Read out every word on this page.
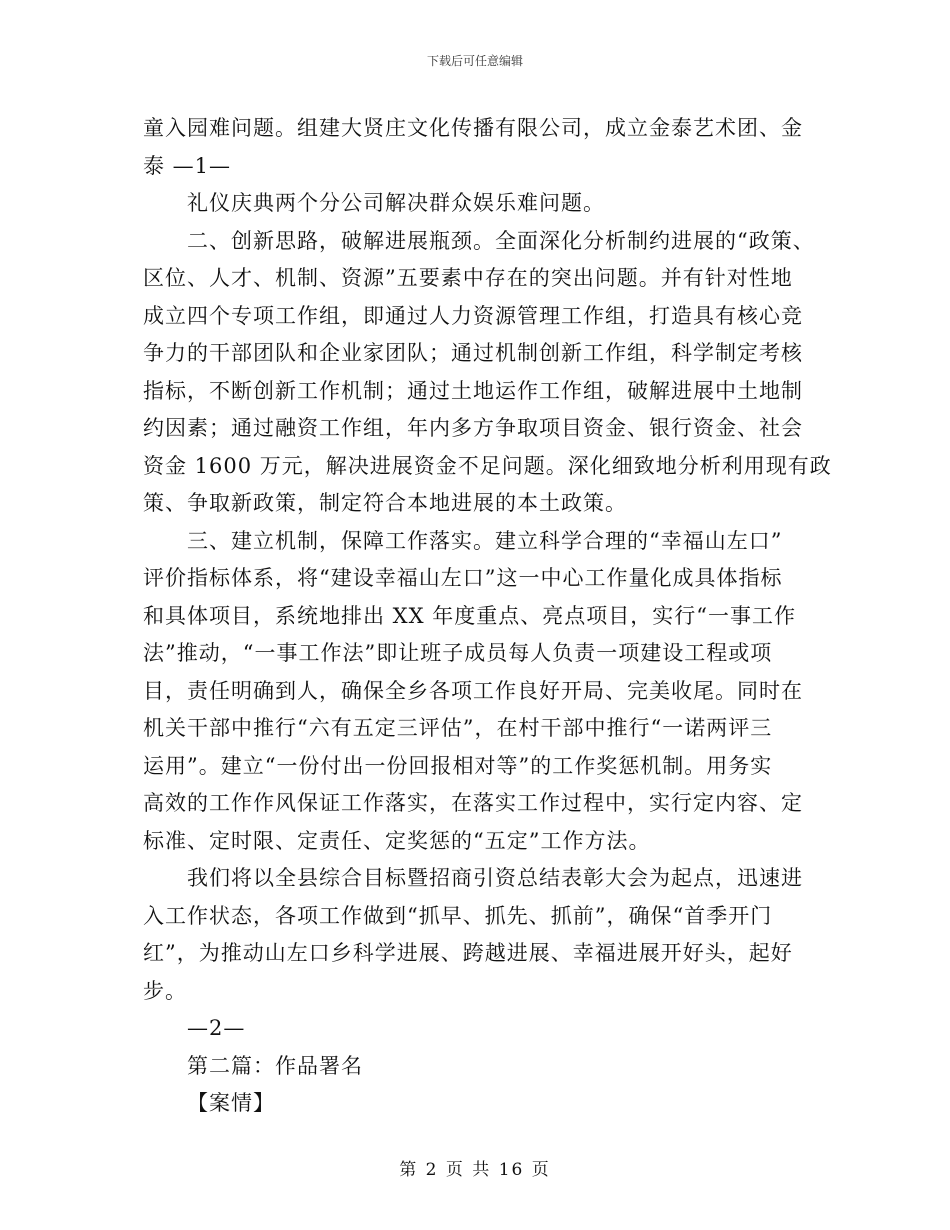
下载后可任意编辑
童入园难问题。组建大贤庄文化传播有限公司，成立金泰艺术团、金
泰 —1—
礼仪庆典两个分公司解决群众娱乐难问题。
二、创新思路，破解进展瓶颈。全面深化分析制约进展的“政策、
区位、人才、机制、资源”五要素中存在的突出问题。并有针对性地
成立四个专项工作组，即通过人力资源管理工作组，打造具有核心竞
争力的干部团队和企业家团队；通过机制创新工作组，科学制定考核
指标，不断创新工作机制；通过土地运作工作组，破解进展中土地制
约因素；通过融资工作组，年内多方争取项目资金、银行资金、社会
资金 1600 万元，解决进展资金不足问题。深化细致地分析利用现有政
策、争取新政策，制定符合本地进展的本土政策。
三、建立机制，保障工作落实。建立科学合理的“幸福山左口”
评价指标体系，将“建设幸福山左口”这一中心工作量化成具体指标
和具体项目，系统地排出 XX 年度重点、亮点项目，实行“一事工作
法”推动，“一事工作法”即让班子成员每人负责一项建设工程或项
目，责任明确到人，确保全乡各项工作良好开局、完美收尾。同时在
机关干部中推行“六有五定三评估”，在村干部中推行“一诺两评三
运用”。建立“一份付出一份回报相对等”的工作奖惩机制。用务实
高效的工作作风保证工作落实，在落实工作过程中，实行定内容、定
标准、定时限、定责任、定奖惩的“五定”工作方法。
我们将以全县综合目标暨招商引资总结表彰大会为起点，迅速进
入工作状态，各项工作做到“抓早、抓先、抓前”，确保“首季开门
红”，为推动山左口乡科学进展、跨越进展、幸福进展开好头，起好
步。
—2—
第二篇：作品署名
【案情】
第 2 页 共 16 页
